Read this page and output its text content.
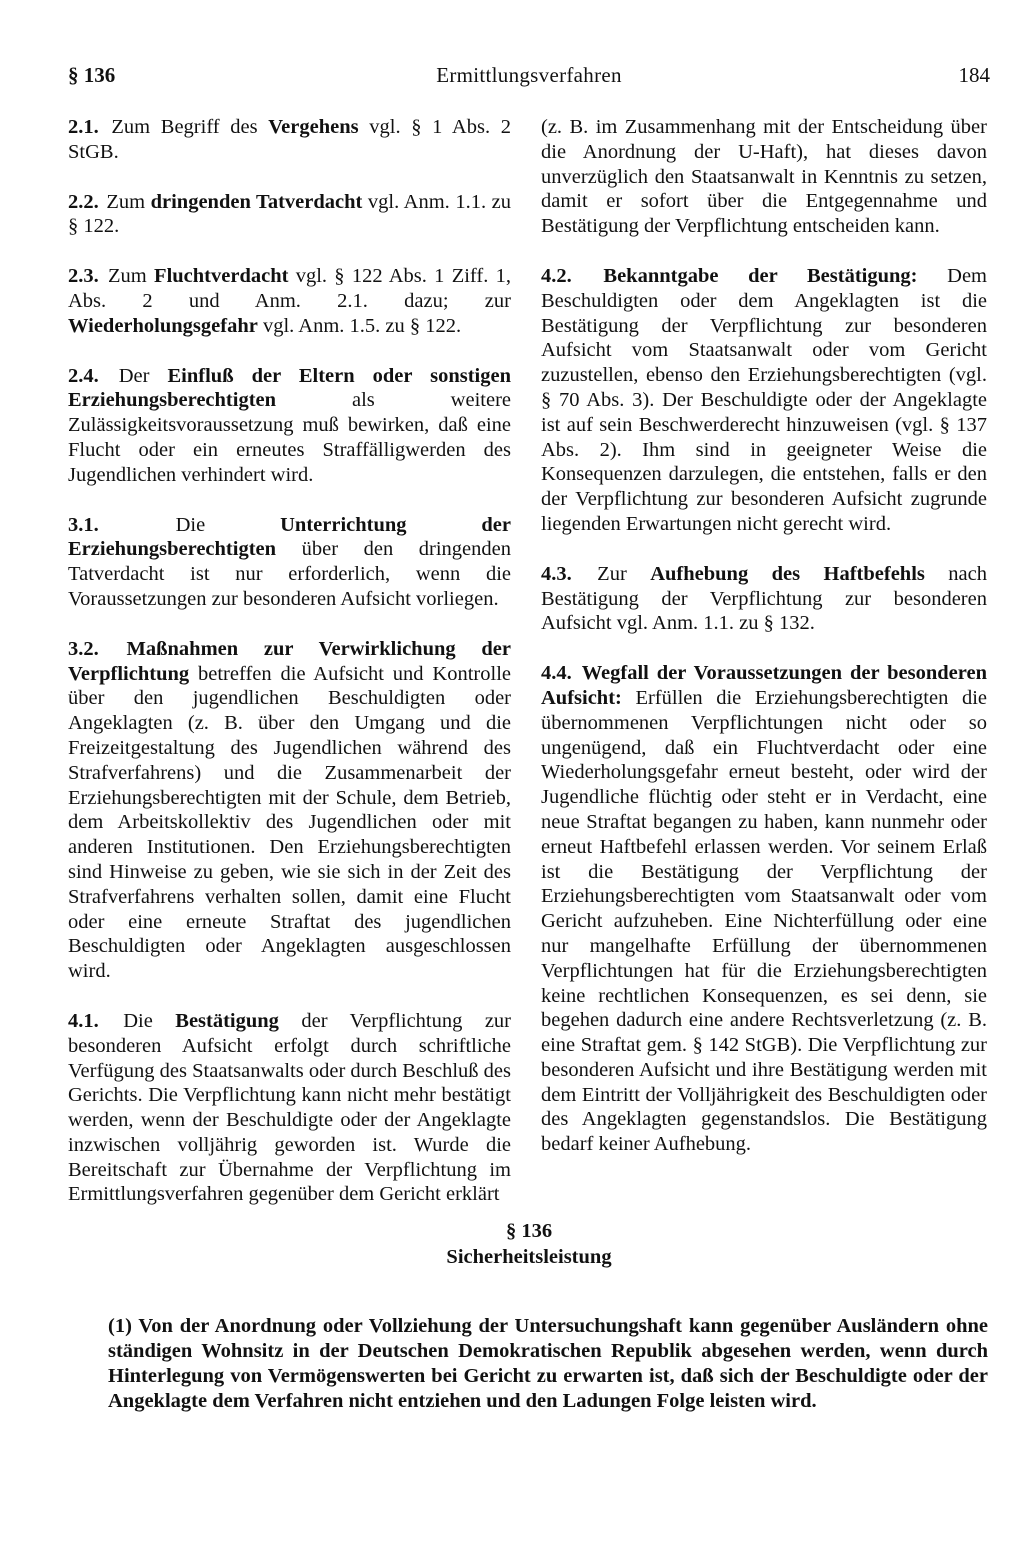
§ 136	Ermittlungsverfahren	184

2.1. Zum Begriff des Vergehens vgl. § 1 Abs. 2 StGB.

2.2. Zum dringenden Tatverdacht vgl. Anm. 1.1. zu § 122.

2.3. Zum Fluchtverdacht vgl. § 122 Abs. 1 Ziff. 1, Abs. 2 und Anm. 2.1. dazu; zur Wiederholungsgefahr vgl. Anm. 1.5. zu § 122.

2.4. Der Einfluß der Eltern oder sonstigen Erziehungsberechtigten als weitere Zulässigkeitsvoraussetzung muß bewirken, daß eine Flucht oder ein erneutes Straffälligwerden des Jugendlichen verhindert wird.

3.1. Die Unterrichtung der Erziehungsberechtigten über den dringenden Tatverdacht ist nur erforderlich, wenn die Voraussetzungen zur besonderen Aufsicht vorliegen.

3.2. Maßnahmen zur Verwirklichung der Verpflichtung betreffen die Aufsicht und Kontrolle über den jugendlichen Beschuldigten oder Angeklagten (z. B. über den Umgang und die Freizeitgestaltung des Jugendlichen während des Strafverfahrens) und die Zusammenarbeit der Erziehungsberechtigten mit der Schule, dem Betrieb, dem Arbeitskollektiv des Jugendlichen oder mit anderen Institutionen. Den Erziehungsberechtigten sind Hinweise zu geben, wie sie sich in der Zeit des Strafverfahrens verhalten sollen, damit eine Flucht oder eine erneute Straftat des jugendlichen Beschuldigten oder Angeklagten ausgeschlossen wird.

4.1. Die Bestätigung der Verpflichtung zur besonderen Aufsicht erfolgt durch schriftliche Verfügung des Staatsanwalts oder durch Beschluß des Gerichts. Die Verpflichtung kann nicht mehr bestätigt werden, wenn der Beschuldigte oder der Angeklagte inzwischen volljährig geworden ist. Wurde die Bereitschaft zur Übernahme der Verpflichtung im Ermittlungsverfahren gegenüber dem Gericht erklärt

(z. B. im Zusammenhang mit der Entscheidung über die Anordnung der U-Haft), hat dieses davon unverzüglich den Staatsanwalt in Kenntnis zu setzen, damit er sofort über die Entgegennahme und Bestätigung der Verpflichtung entscheiden kann.

4.2. Bekanntgabe der Bestätigung: Dem Beschuldigten oder dem Angeklagten ist die Bestätigung der Verpflichtung zur besonderen Aufsicht vom Staatsanwalt oder vom Gericht zuzustellen, ebenso den Erziehungsberechtigten (vgl. § 70 Abs. 3). Der Beschuldigte oder der Angeklagte ist auf sein Beschwerderecht hinzuweisen (vgl. § 137 Abs. 2). Ihm sind in geeigneter Weise die Konsequenzen darzulegen, die entstehen, falls er den der Verpflichtung zur besonderen Aufsicht zugrunde liegenden Erwartungen nicht gerecht wird.

4.3. Zur Aufhebung des Haftbefehls nach Bestätigung der Verpflichtung zur besonderen Aufsicht vgl. Anm. 1.1. zu § 132.

4.4. Wegfall der Voraussetzungen der besonderen Aufsicht: Erfüllen die Erziehungsberechtigten die übernommenen Verpflichtungen nicht oder so ungenügend, daß ein Fluchtverdacht oder eine Wiederholungsgefahr erneut besteht, oder wird der Jugendliche flüchtig oder steht er in Verdacht, eine neue Straftat begangen zu haben, kann nunmehr oder erneut Haftbefehl erlassen werden. Vor seinem Erlaß ist die Bestätigung der Verpflichtung der Erziehungsberechtigten vom Staatsanwalt oder vom Gericht aufzuheben. Eine Nichterfüllung oder eine nur mangelhafte Erfüllung der übernommenen Verpflichtungen hat für die Erziehungsberechtigten keine rechtlichen Konsequenzen, es sei denn, sie begehen dadurch eine andere Rechtsverletzung (z. B. eine Straftat gem. § 142 StGB). Die Verpflichtung zur besonderen Aufsicht und ihre Bestätigung werden mit dem Eintritt der Volljährigkeit des Beschuldigten oder des Angeklagten gegenstandslos. Die Bestätigung bedarf keiner Aufhebung.

§ 136
Sicherheitsleistung

(1) Von der Anordnung oder Vollziehung der Untersuchungshaft kann gegenüber Ausländern ohne ständigen Wohnsitz in der Deutschen Demokratischen Republik abgesehen werden, wenn durch Hinterlegung von Vermögenswerten bei Gericht zu erwarten ist, daß sich der Beschuldigte oder der Angeklagte dem Verfahren nicht entziehen und den Ladungen Folge leisten wird.
